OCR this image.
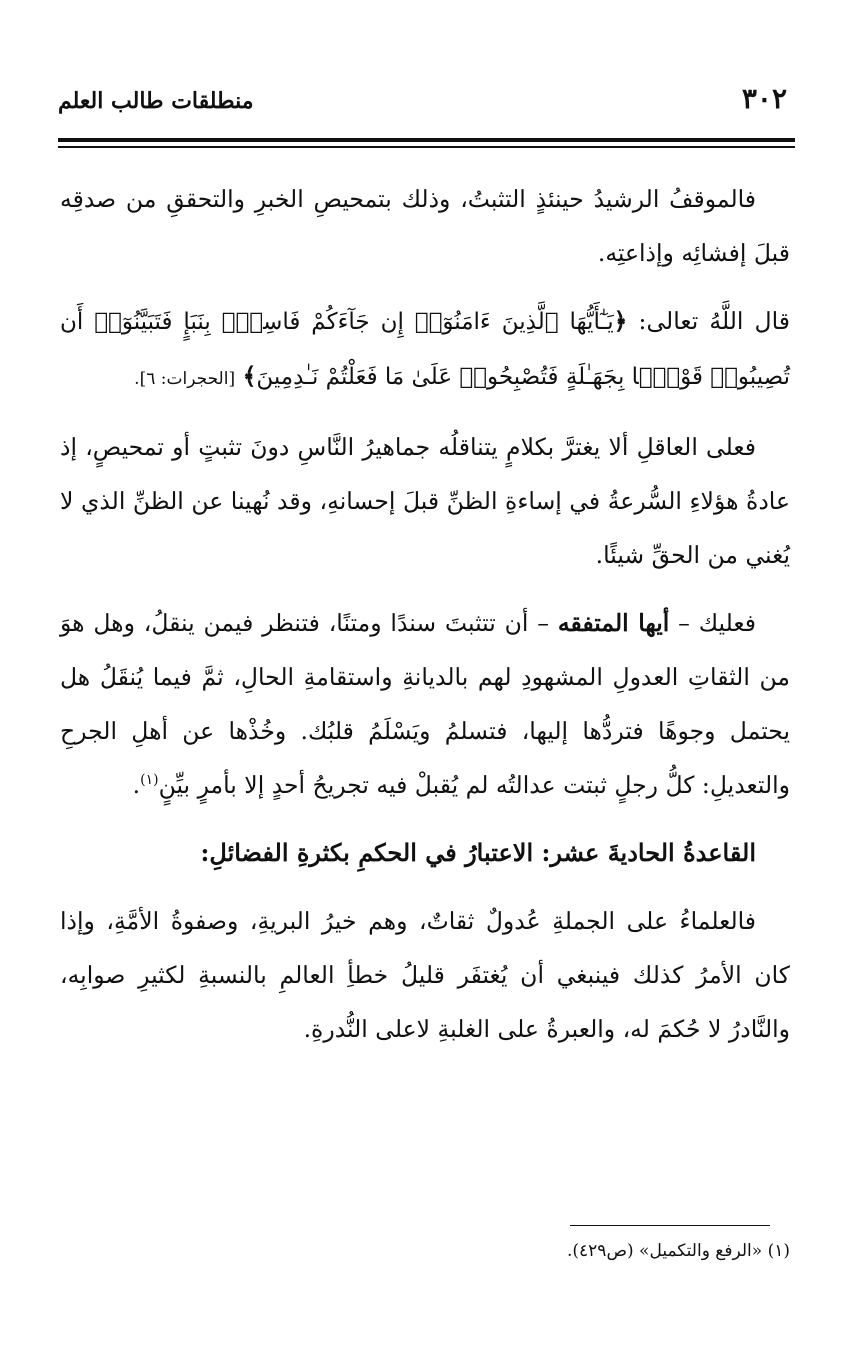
٣٠٢
منطلقات طالب العلم

فالموقفُ الرشيدُ حينئذٍ التثبتُ، وذلك بتمحيصِ الخبرِ والتحققِ من صدقِه قبلَ إفشائِه وإذاعتِه.

قال اللَّهُ تعالى: ﴿يَـٰٓأَيُّهَا ٱلَّذِينَ ءَامَنُوٓا۟ إِن جَآءَكُمْ فَاسِقٌۢ بِنَبَإٍ فَتَبَيَّنُوٓا۟ أَن تُصِيبُوا۟ قَوْمًۢا بِجَهَـٰلَةٍ فَتُصْبِحُوا۟ عَلَىٰ مَا فَعَلْتُمْ نَـٰدِمِينَ﴾ [الحجرات: ٦].

فعلى العاقلِ ألا يغترَّ بكلامٍ يتناقلُه جماهيرُ النَّاسِ دونَ تثبتٍ أو تمحيصٍ، إذ عادةُ هؤلاءِ السُّرعةُ في إساءةِ الظنِّ قبلَ إحسانهِ، وقد نُهينا عن الظنِّ الذي لا يُغني من الحقِّ شيئًا.

فعليك – أيها المتفقه – أن تتثبتَ سندًا ومتنًا، فتنظر فيمن ينقلُ، وهل هوَ من الثقاتِ العدولِ المشهودِ لهم بالديانةِ واستقامةِ الحالِ، ثمَّ فيما يُنقَلُ هل يحتمل وجوهًا فتردُّها إليها، فتسلمُ ويَسْلَمُ قلبُك. وخُذْها عن أهلِ الجرحِ والتعديلِ: كلُّ رجلٍ ثبتت عدالتُه لم يُقبلْ فيه تجريحُ أحدٍ إلا بأمرٍ بيِّنٍ$^{(١)}$.

القاعدةُ الحاديةَ عشر: الاعتبارُ في الحكمِ بكثرةِ الفضائلِ:

فالعلماءُ على الجملةِ عُدولٌ ثقاتٌ، وهم خيرُ البريةِ، وصفوةُ الأمَّةِ، وإذا كان الأمرُ كذلك فينبغي أن يُغتفَر قليلُ خطأِ العالمِ بالنسبةِ لكثيرِ صوابِه، والنَّادرُ لا حُكمَ له، والعبرةُ على الغلبةِ لاعلى النُّدرةِ.

(١) «الرفع والتكميل» (ص٤٢٩).
